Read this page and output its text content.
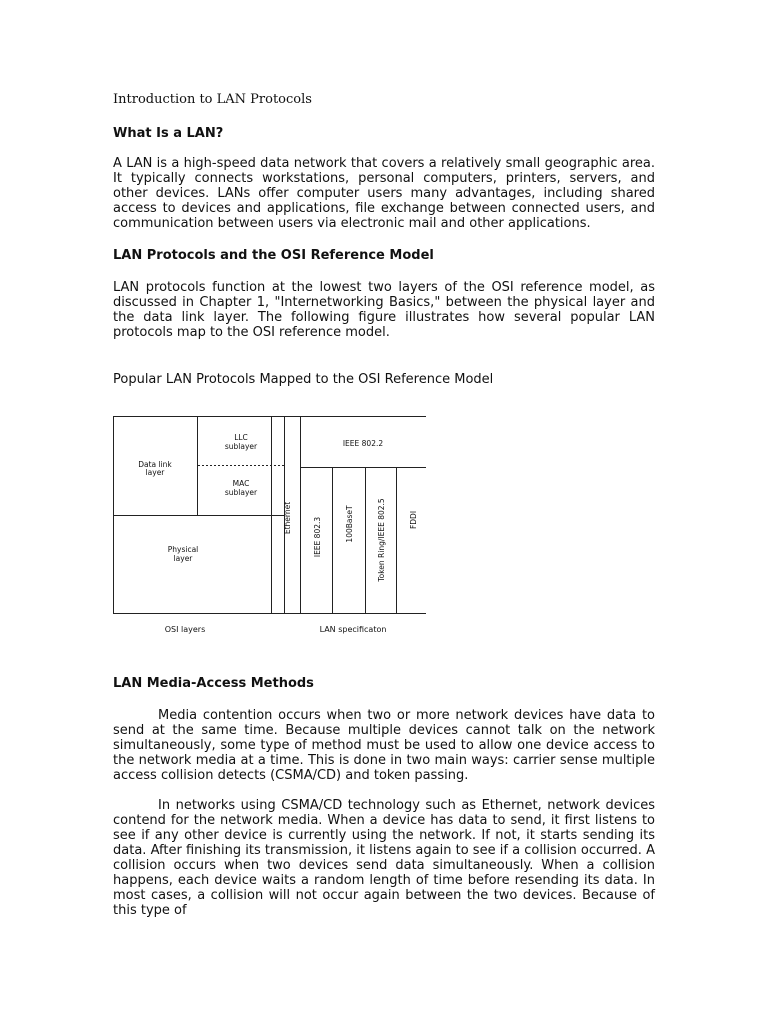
Introduction to LAN Protocols
What Is a LAN?

A LAN is a high-speed data network that covers a relatively small geographic area. It typically connects workstations, personal computers, printers, servers, and other devices. LANs offer computer users many advantages, including shared access to devices and applications, file exchange between connected users, and communication between users via electronic mail and other applications.

LAN Protocols and the OSI Reference Model

LAN protocols function at the lowest two layers of the OSI reference model, as discussed in Chapter 1, "Internetworking Basics," between the physical layer and the data link layer. The following figure illustrates how several popular LAN protocols map to the OSI reference model.

Popular LAN Protocols Mapped to the OSI Reference Model
LAN Media-Access Methods

Media contention occurs when two or more network devices have data to send at the same time. Because multiple devices cannot talk on the network simultaneously, some type of method must be used to allow one device access to the network media at a time. This is done in two main ways: carrier sense multiple access collision detects (CSMA/CD) and token passing.

In networks using CSMA/CD technology such as Ethernet, network devices contend for the network media. When a device has data to send, it first listens to see if any other device is currently using the network. If not, it starts sending its data. After finishing its transmission, it listens again to see if a collision occurred. A collision occurs when two devices send data simultaneously. When a collision happens, each device waits a random length of time before resending its data. In most cases, a collision will not occur again between the two devices. Because of this type of

Data link
layer
LLC
sublayer
MAC
sublayer
Physical
layer
OSI layers
IEEE 802.2
Ethernet	IEEE 802.3	100BaseT	Token Ring/IEEE 802.5	FDDI
LAN specificaton
